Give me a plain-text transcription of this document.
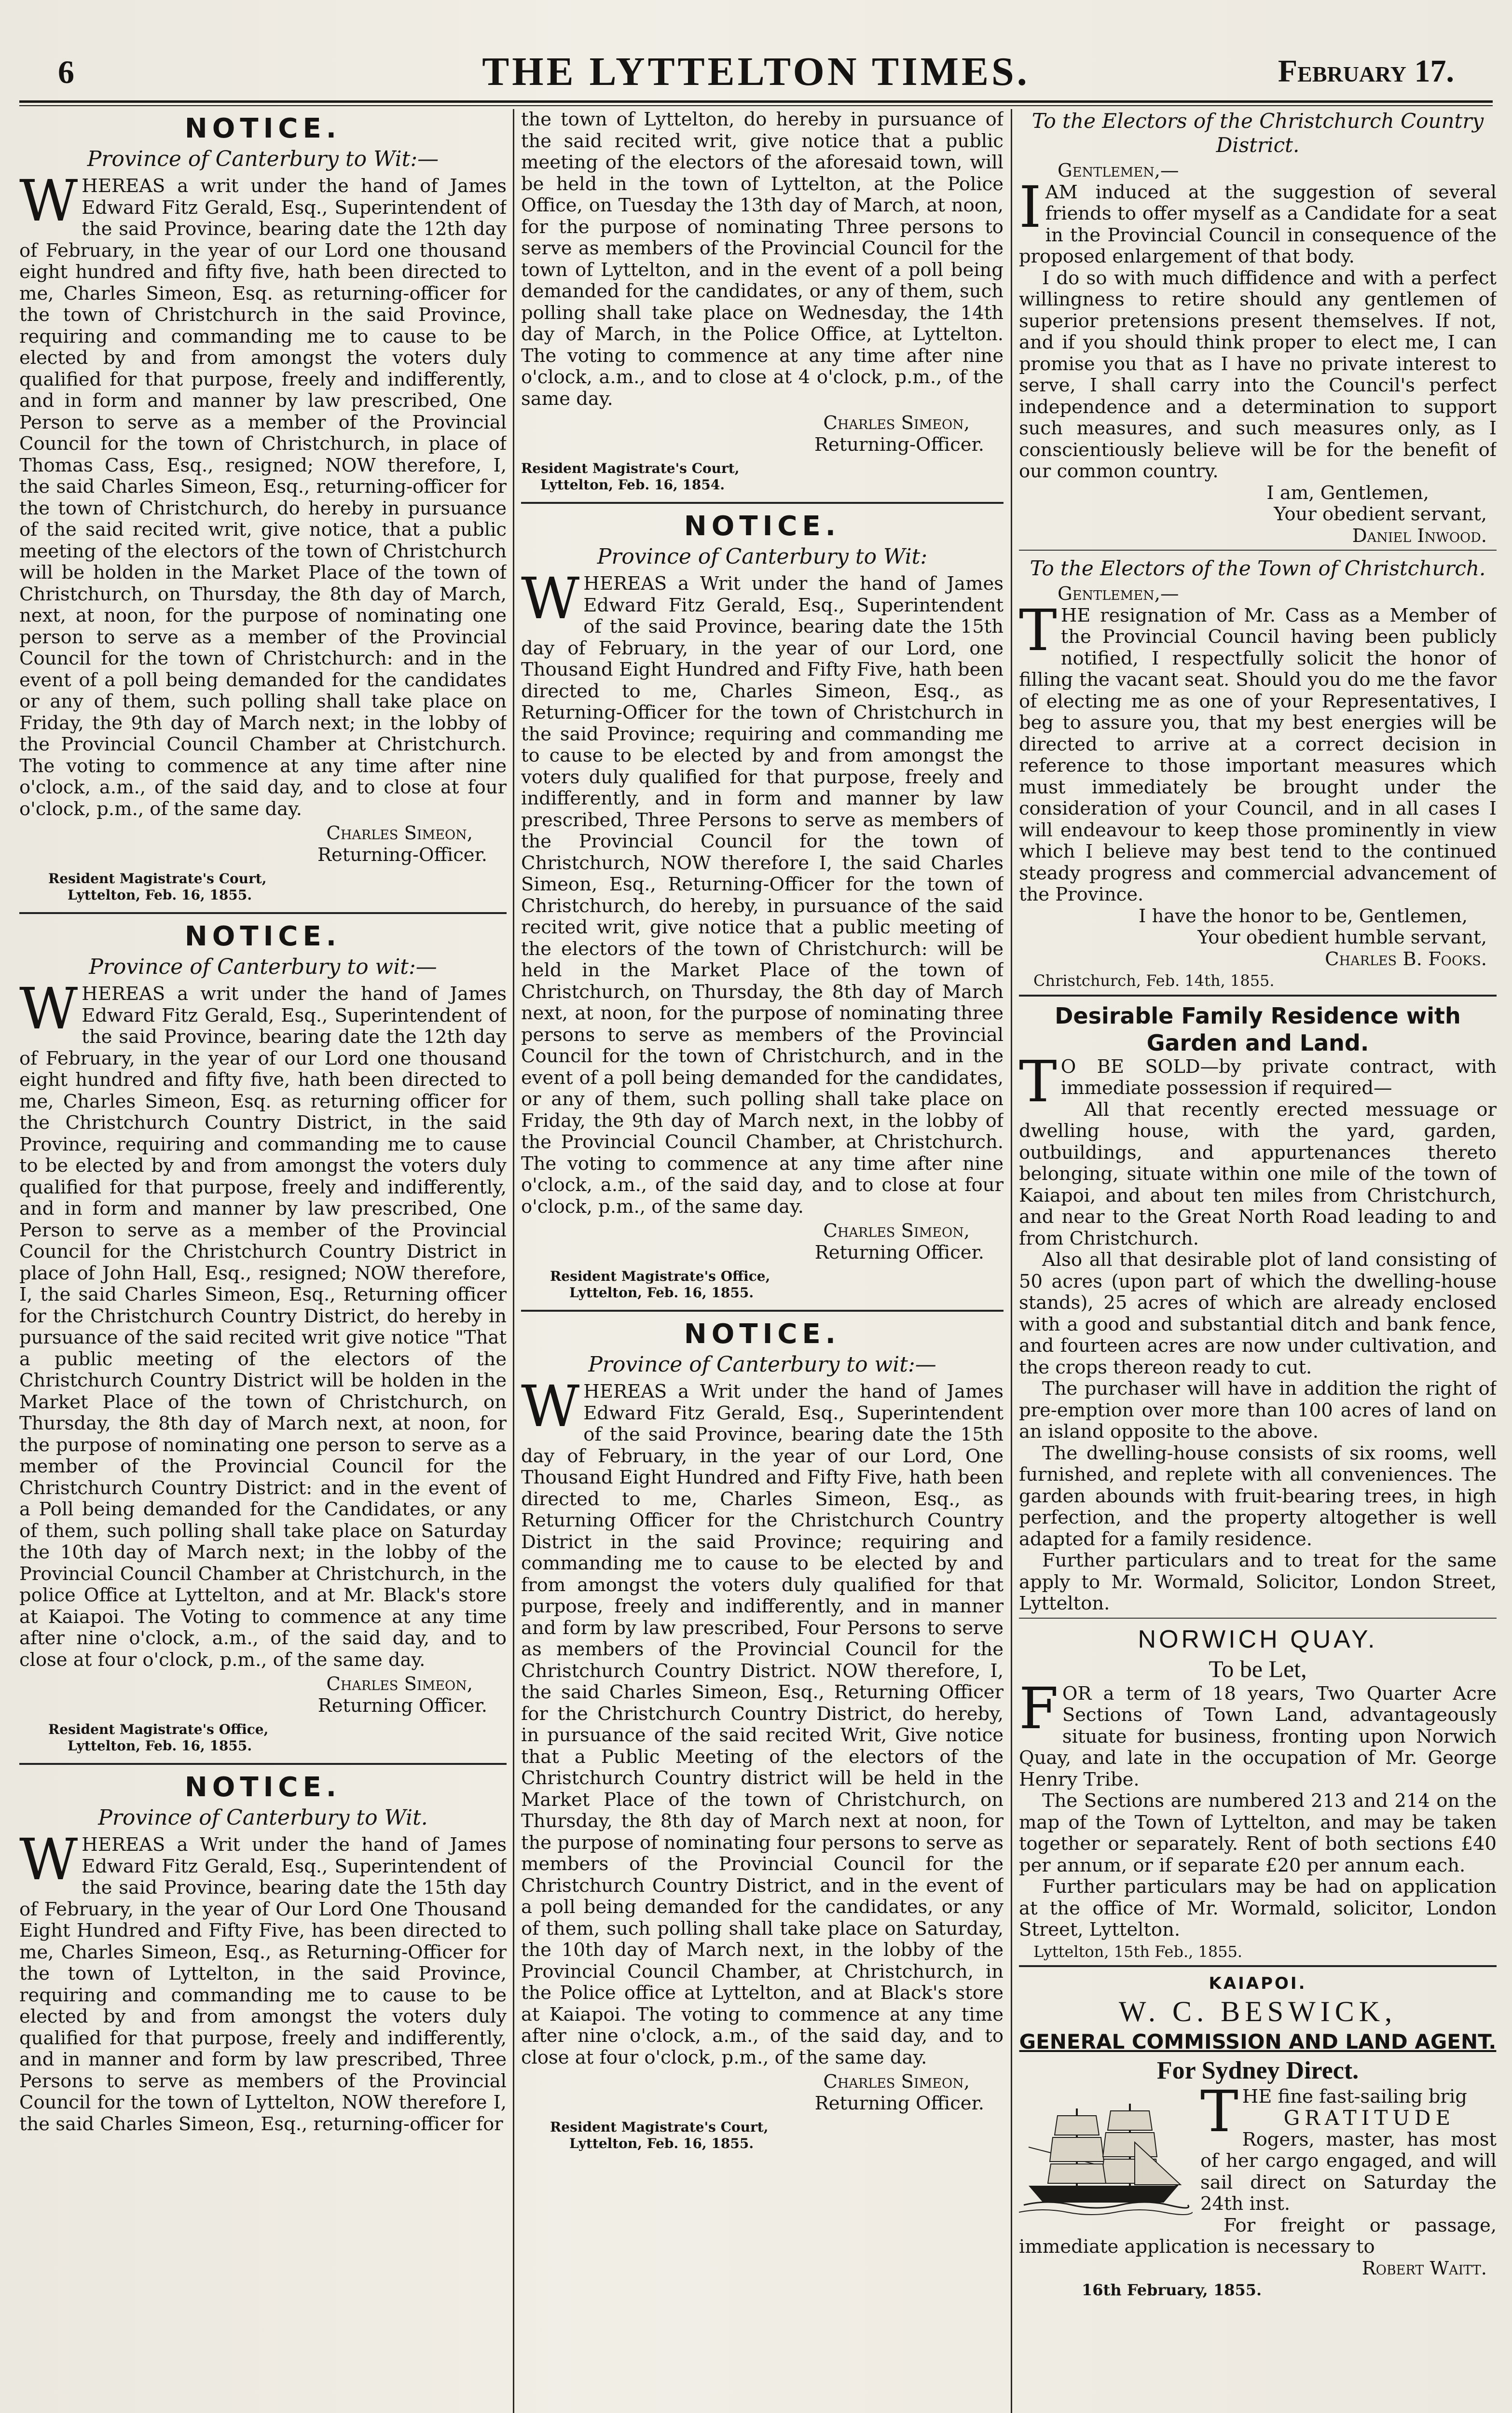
6	THE LYTTELTON TIMES.	February 17.
NOTICE.
Province of Canterbury to Wit:—

WHEREAS a writ under the hand of James Edward Fitz Gerald, Esq., Superintendent of the said Province, bearing date the 12th day of February, in the year of our Lord one thousand eight hundred and fifty five, hath been directed to me, Charles Simeon, Esq. as returning-officer for the town of Christchurch in the said Province, requiring and commanding me to cause to be elected by and from amongst the voters duly qualified for that purpose, freely and indifferently, and in form and manner by law prescribed, One Person to serve as a member of the Provincial Council for the town of Christchurch, in place of Thomas Cass, Esq., resigned; NOW therefore, I, the said Charles Simeon, Esq., returning-officer for the town of Christchurch, do hereby in pursuance of the said recited writ, give notice, that a public meeting of the electors of the town of Christchurch will be holden in the Market Place of the town of Christchurch, on Thursday, the 8th day of March, next, at noon, for the purpose of nominating one person to serve as a member of the Provincial Council for the town of Christchurch: and in the event of a poll being demanded for the candidates or any of them, such polling shall take place on Friday, the 9th day of March next; in the lobby of the Provincial Council Chamber at Christchurch. The voting to commence at any time after nine o'clock, a.m., of the said day, and to close at four o'clock, p.m., of the same day.

Charles Simeon,
Returning-Officer.
Resident Magistrate's Court,
Lyttelton, Feb. 16, 1855.
NOTICE.
Province of Canterbury to wit:—

WHEREAS a writ under the hand of James Edward Fitz Gerald, Esq., Superintendent of the said Province, bearing date the 12th day of February, in the year of our Lord one thousand eight hundred and fifty five, hath been directed to me, Charles Simeon, Esq. as returning officer for the Christchurch Country District, in the said Province, requiring and commanding me to cause to be elected by and from amongst the voters duly qualified for that purpose, freely and indifferently, and in form and manner by law prescribed, One Person to serve as a member of the Provincial Council for the Christchurch Country District in place of John Hall, Esq., resigned; NOW therefore, I, the said Charles Simeon, Esq., Returning officer for the Christchurch Country District, do hereby in pursuance of the said recited writ give notice "That a public meeting of the electors of the Christchurch Country District will be holden in the Market Place of the town of Christchurch, on Thursday, the 8th day of March next, at noon, for the purpose of nominating one person to serve as a member of the Provincial Council for the Christchurch Country District: and in the event of a Poll being demanded for the Candidates, or any of them, such polling shall take place on Saturday the 10th day of March next; in the lobby of the Provincial Council Chamber at Christchurch, in the police Office at Lyttelton, and at Mr. Black's store at Kaiapoi. The Voting to commence at any time after nine o'clock, a.m., of the said day, and to close at four o'clock, p.m., of the same day.

Charles Simeon,
Returning Officer.
Resident Magistrate's Office,
Lyttelton, Feb. 16, 1855.
NOTICE.
Province of Canterbury to Wit.

WHEREAS a Writ under the hand of James Edward Fitz Gerald, Esq., Superintendent of the said Province, bearing date the 15th day of February, in the year of Our Lord One Thousand Eight Hundred and Fifty Five, has been directed to me, Charles Simeon, Esq., as Returning-Officer for the town of Lyttelton, in the said Province, requiring and commanding me to cause to be elected by and from amongst the voters duly qualified for that purpose, freely and indifferently, and in manner and form by law prescribed, Three Persons to serve as members of the Provincial Council for the town of Lyttelton, NOW therefore I, the said Charles Simeon, Esq., returning-officer for

the town of Lyttelton, do hereby in pursuance of the said recited writ, give notice that a public meeting of the electors of the aforesaid town, will be held in the town of Lyttelton, at the Police Office, on Tuesday the 13th day of March, at noon, for the purpose of nominating Three persons to serve as members of the Provincial Council for the town of Lyttelton, and in the event of a poll being demanded for the candidates, or any of them, such polling shall take place on Wednesday, the 14th day of March, in the Police Office, at Lyttelton. The voting to commence at any time after nine o'clock, a.m., and to close at 4 o'clock, p.m., of the same day.

Charles Simeon,
Returning-Officer.
Resident Magistrate's Court,
Lyttelton, Feb. 16, 1854.
NOTICE.
Province of Canterbury to Wit:

WHEREAS a Writ under the hand of James Edward Fitz Gerald, Esq., Superintendent of the said Province, bearing date the 15th day of February, in the year of our Lord, one Thousand Eight Hundred and Fifty Five, hath been directed to me, Charles Simeon, Esq., as Returning-Officer for the town of Christchurch in the said Province; requiring and commanding me to cause to be elected by and from amongst the voters duly qualified for that purpose, freely and indifferently, and in form and manner by law prescribed, Three Persons to serve as members of the Provincial Council for the town of Christchurch, NOW therefore I, the said Charles Simeon, Esq., Returning-Officer for the town of Christchurch, do hereby, in pursuance of the said recited writ, give notice that a public meeting of the electors of the town of Christchurch: will be held in the Market Place of the town of Christchurch, on Thursday, the 8th day of March next, at noon, for the purpose of nominating three persons to serve as members of the Provincial Council for the town of Christchurch, and in the event of a poll being demanded for the candidates, or any of them, such polling shall take place on Friday, the 9th day of March next, in the lobby of the Provincial Council Chamber, at Christchurch. The voting to commence at any time after nine o'clock, a.m., of the said day, and to close at four o'clock, p.m., of the same day.

Charles Simeon,
Returning Officer.
Resident Magistrate's Office,
Lyttelton, Feb. 16, 1855.
NOTICE.
Province of Canterbury to wit:—

WHEREAS a Writ under the hand of James Edward Fitz Gerald, Esq., Superintendent of the said Province, bearing date the 15th day of February, in the year of our Lord, One Thousand Eight Hundred and Fifty Five, hath been directed to me, Charles Simeon, Esq., as Returning Officer for the Christchurch Country District in the said Province; requiring and commanding me to cause to be elected by and from amongst the voters duly qualified for that purpose, freely and indifferently, and in manner and form by law prescribed, Four Persons to serve as members of the Provincial Council for the Christchurch Country District. NOW therefore, I, the said Charles Simeon, Esq., Returning Officer for the Christchurch Country District, do hereby, in pursuance of the said recited Writ, Give notice that a Public Meeting of the electors of the Christchurch Country district will be held in the Market Place of the town of Christchurch, on Thursday, the 8th day of March next at noon, for the purpose of nominating four persons to serve as members of the Provincial Council for the Christchurch Country District, and in the event of a poll being demanded for the candidates, or any of them, such polling shall take place on Saturday, the 10th day of March next, in the lobby of the Provincial Council Chamber, at Christchurch, in the Police office at Lyttelton, and at Black's store at Kaiapoi. The voting to commence at any time after nine o'clock, a.m., of the said day, and to close at four o'clock, p.m., of the same day.

Charles Simeon,
Returning Officer.
Resident Magistrate's Court,
Lyttelton, Feb. 16, 1855.
To the Electors of the Christchurch Country District.
Gentlemen,—

IAM induced at the suggestion of several friends to offer myself as a Candidate for a seat in the Provincial Council in consequence of the proposed enlargement of that body.

I do so with much diffidence and with a perfect willingness to retire should any gentlemen of superior pretensions present themselves. If not, and if you should think proper to elect me, I can promise you that as I have no private interest to serve, I shall carry into the Council's perfect independence and a determination to support such measures, and such measures only, as I conscientiously believe will be for the benefit of our common country.

I am, Gentlemen,
Your obedient servant,
Daniel Inwood.
To the Electors of the Town of Christchurch.
Gentlemen,—

THE resignation of Mr. Cass as a Member of the Provincial Council having been publicly notified, I respectfully solicit the honor of filling the vacant seat. Should you do me the favor of electing me as one of your Representatives, I beg to assure you, that my best energies will be directed to arrive at a correct decision in reference to those important measures which must immediately be brought under the consideration of your Council, and in all cases I will endeavour to keep those prominently in view which I believe may best tend to the continued steady progress and commercial advancement of the Province.

I have the honor to be, Gentlemen,
Your obedient humble servant,
Charles B. Fooks.
Christchurch, Feb. 14th, 1855.
Desirable Family Residence with Garden and Land.

T O BE SOLD—by private contract, with immediate possession if required—

All that recently erected messuage or dwelling house, with the yard, garden, outbuildings, and appurtenances thereto belonging, situate within one mile of the town of Kaiapoi, and about ten miles from Christchurch, and near to the Great North Road leading to and from Christchurch.

Also all that desirable plot of land consisting of 50 acres (upon part of which the dwelling-house stands), 25 acres of which are already enclosed with a good and substantial ditch and bank fence, and fourteen acres are now under cultivation, and the crops thereon ready to cut.

The purchaser will have in addition the right of pre-emption over more than 100 acres of land on an island opposite to the above.

The dwelling-house consists of six rooms, well furnished, and replete with all conveniences. The garden abounds with fruit-bearing trees, in high perfection, and the property altogether is well adapted for a family residence.

Further particulars and to treat for the same apply to Mr. Wormald, Solicitor, London Street, Lyttelton.

NORWICH QUAY.
To be Let,

FOR a term of 18 years, Two Quarter Acre Sections of Town Land, advantageously situate for business, fronting upon Norwich Quay, and late in the occupation of Mr. George Henry Tribe.

The Sections are numbered 213 and 214 on the map of the Town of Lyttelton, and may be taken together or separately. Rent of both sections £40 per annum, or if separate £20 per annum each.

Further particulars may be had on application at the office of Mr. Wormald, solicitor, London Street, Lyttelton.

Lyttelton, 15th Feb., 1855.
KAIAPOI.
W. C. BESWICK,
GENERAL COMMISSION AND LAND AGENT.
For Sydney Direct.

THE fine fast-sailing brig

GRATITUDE

Rogers, master, has most of her cargo engaged, and will sail direct on Saturday the 24th inst.

For freight or passage, immediate application is necessary to

Robert Waitt.
16th February, 1855.
